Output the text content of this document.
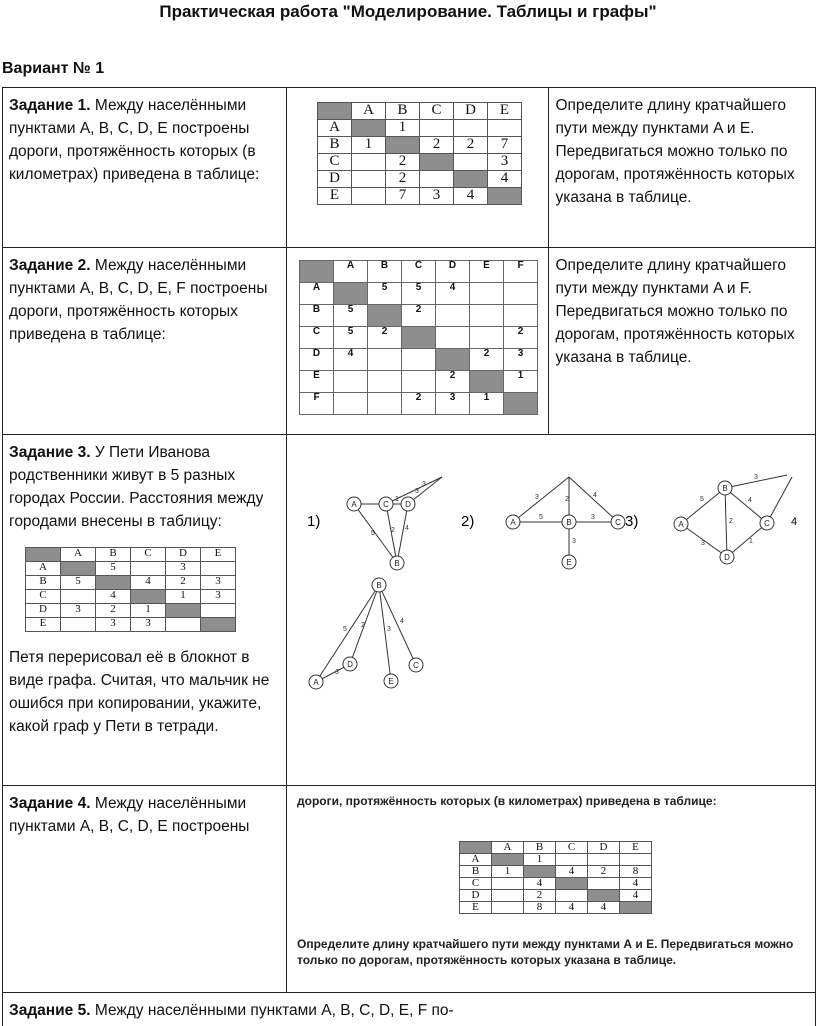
Практическая работа "Моделирование. Таблицы и графы"
Вариант № 1
Задание 1. Между населёнными пунктами A, B, C, D, E построены дороги, протяжённость которых (в километрах) приведена в таблице:	
	A	B	C	D	E
A		1			
B	1		2	2	7
C		2			3
D		2			4
E		7	3	4	
	Определите длину кратчайшего пути между пунктами A и E. Передвигаться можно только по дорогам, протяжённость которых указана в таблице.
Задание 2. Между населёнными пунктами A, B, C, D, E, F построены дороги, протяжённость которых приведена в таблице:	
	A	B	C	D	E	F
A		5	5	4		
B	5		2			
C	5	2				2
D	4				2	3
E				2		1
F			2	3	1	
	Определите длину кратчайшего пути между пунктами A и F. Передвигаться можно только по дорогам, протяжённость которых указана в таблице.
Задание 3. У Пети Иванова родственники живут в 5 разных городах России. Расстояния между городами внесены в таблицу:
	A	B	C	D	E
A		5		3	
B	5		4	2	3
C		4		1	3
D	3	2	1		
E		3	3		
Петя перерисовал её в блокнот в виде графа. Считая, что мальчик не ошибся при копировании, укажите, какой граф у Пети в тетради.

A	C D
B
A	B	C
E
A
B
C
D
B
A
D
E
C
5 2 4
1
3
3
3
5
2
3
4
3
5
3
2
4
1
3
5
2
3
4
3
1)	2)	3)	4

Задание 4. Между населёнными пунктами A, B, C, D, E построены	
дороги, протяжённость которых (в километрах) приведена в таблице:
	A	B	C	D	E
A		1			
B	1		4	2	8
C		4			4
D		2			4
E		8	4	4	
Определите длину кратчайшего пути между пунктами А и Е. Передвигаться можно только по дорогам, протяжённость которых указана в таблице.

Задание 5. Между населёнными пунктами A, B, C, D, E, F по-
